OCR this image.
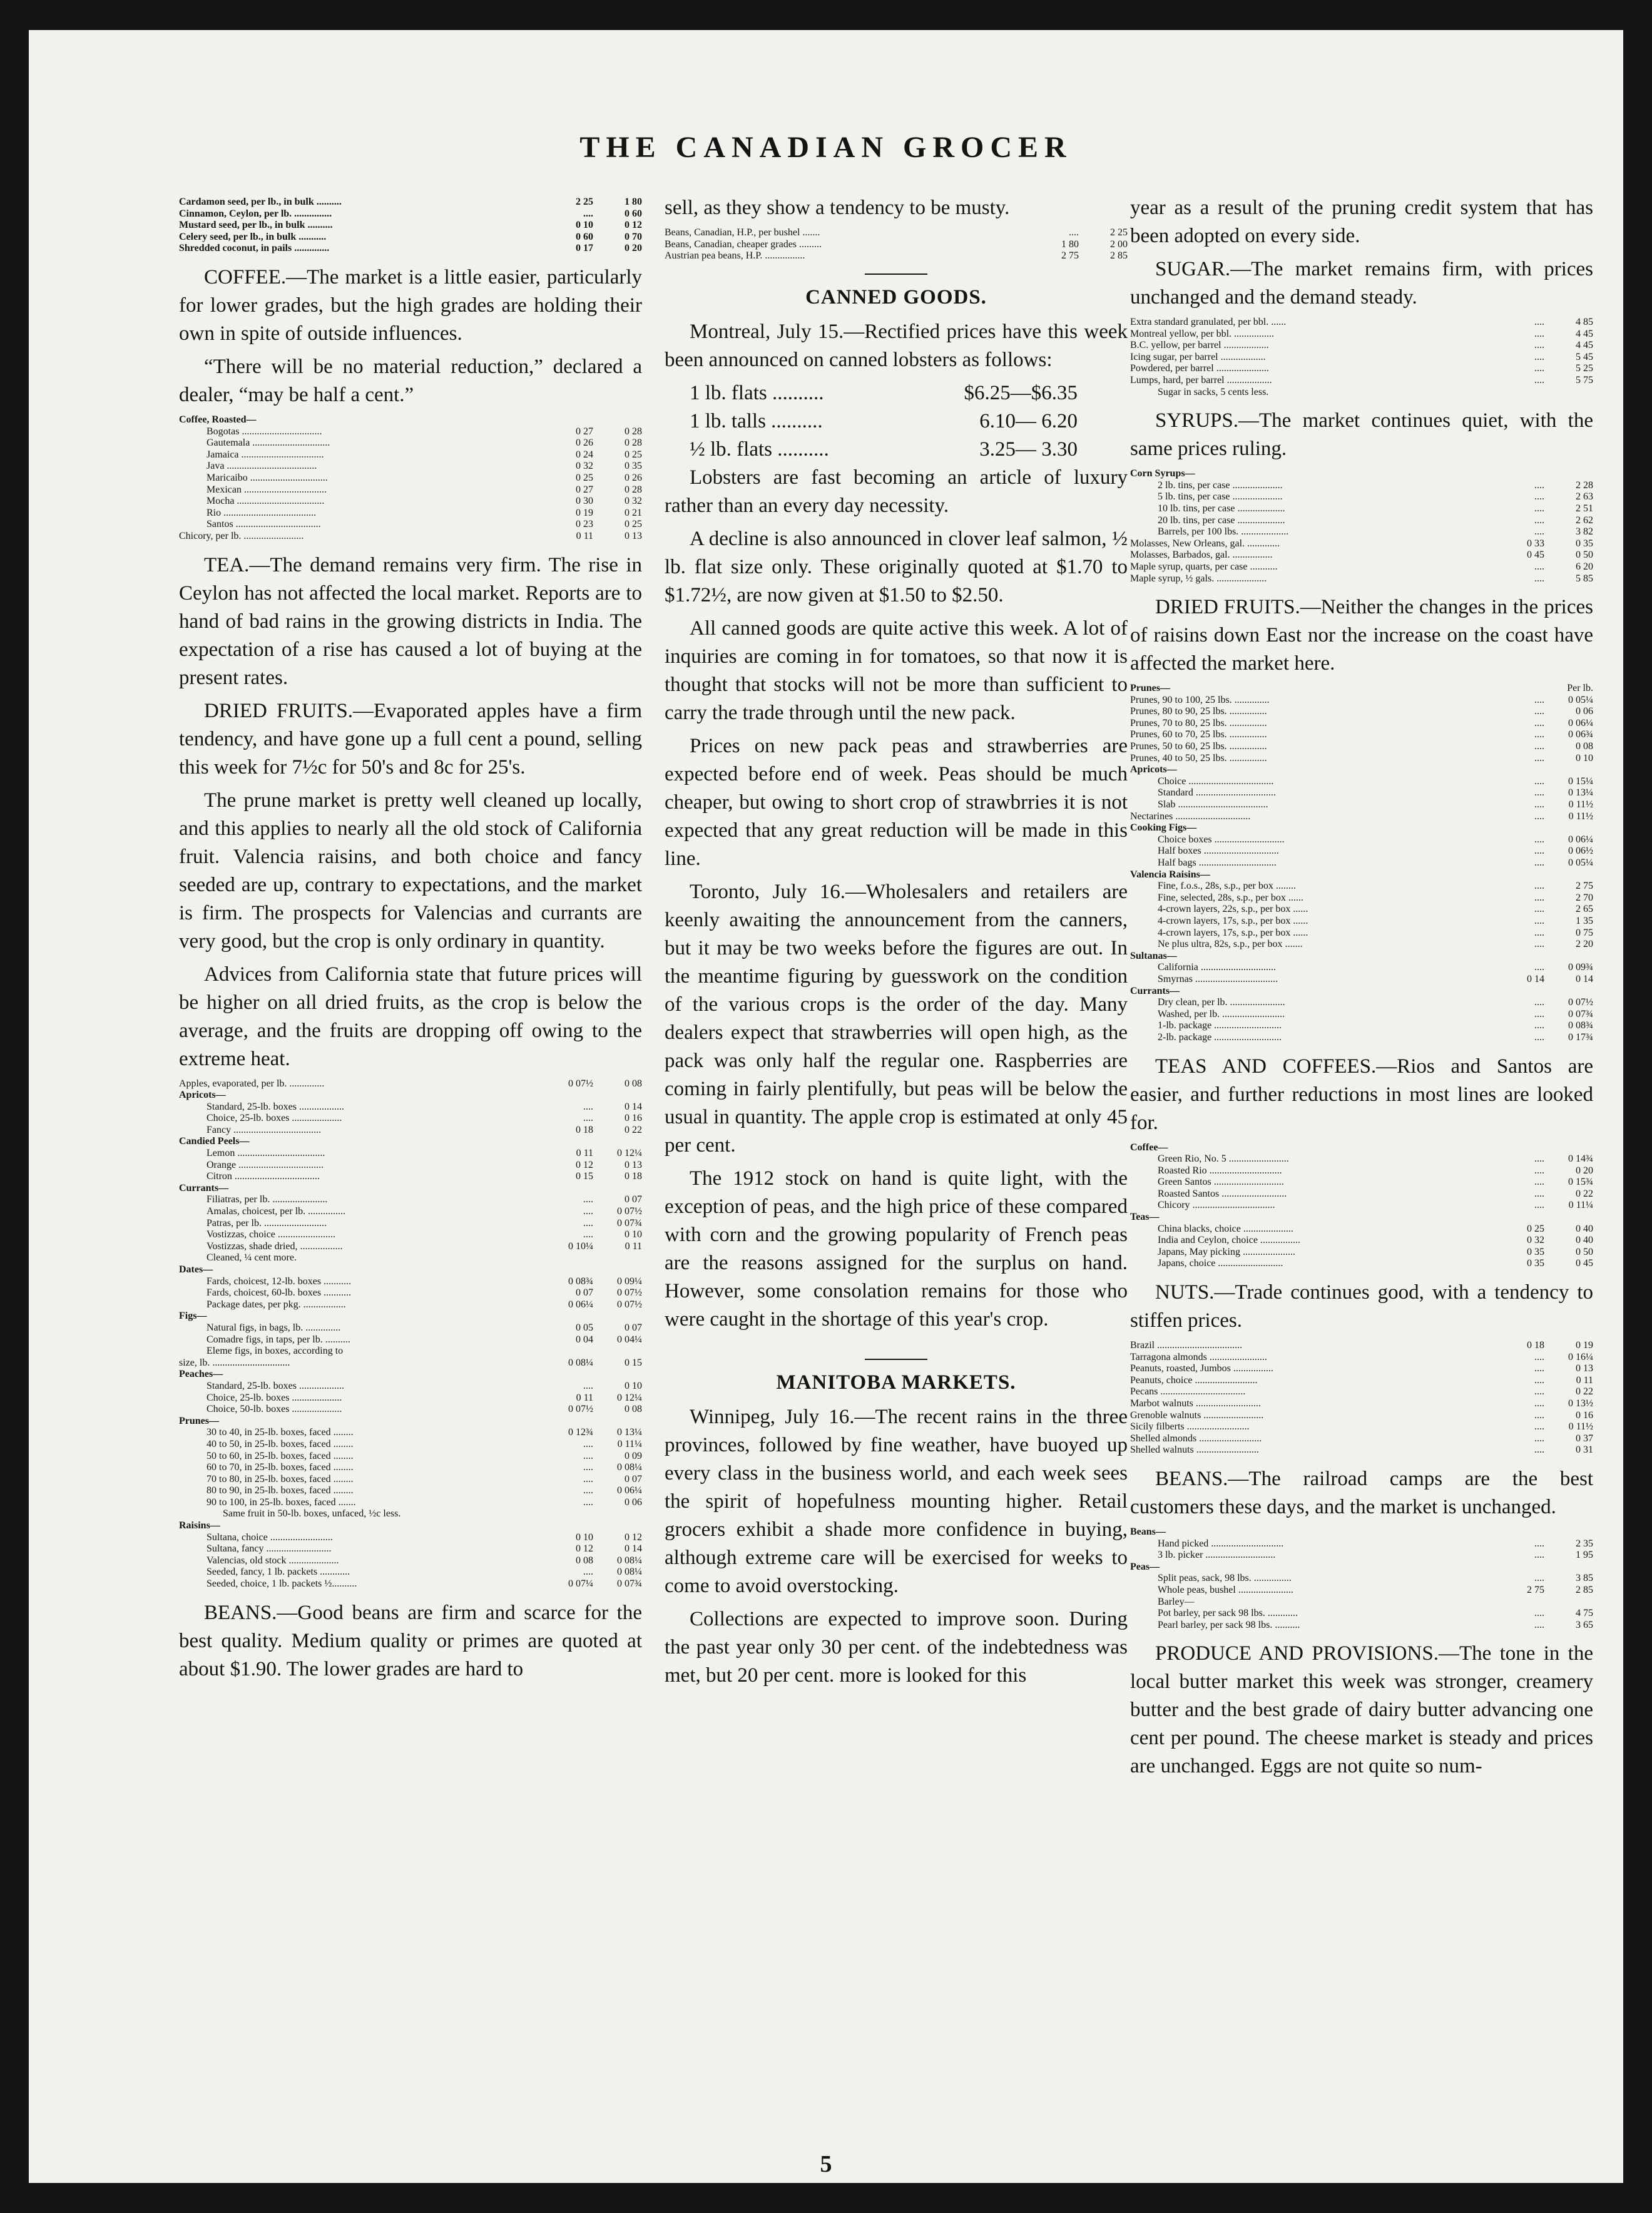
THE CANADIAN GROCER
Cardamon seed, per lb., in bulk ..........	2 25	1 80
Cinnamon, Ceylon, per lb. ...............	....	0 60
Mustard seed, per lb., in bulk ..........	0 10	0 12
Celery seed, per lb., in bulk ...........	0 60	0 70
Shredded coconut, in pails ..............	0 17	0 20

COFFEE.—The market is a little easier, particularly for lower grades, but the high grades are holding their own in spite of outside influences.

“There will be no material reduction,” declared a dealer, “may be half a cent.”

Coffee, Roasted—		
Bogotas ................................	0 27	0 28
Gautemala ...............................	0 26	0 28
Jamaica .................................	0 24	0 25
Java ....................................	0 32	0 35
Maricaibo ...............................	0 25	0 26
Mexican .................................	0 27	0 28
Mocha ...................................	0 30	0 32
Rio .....................................	0 19	0 21
Santos ..................................	0 23	0 25
Chicory, per lb. ........................	0 11	0 13

TEA.—The demand remains very firm. The rise in Ceylon has not affected the local market. Reports are to hand of bad rains in the growing districts in India. The expectation of a rise has caused a lot of buying at the present rates.

DRIED FRUITS.—Evaporated apples have a firm tendency, and have gone up a full cent a pound, selling this week for 7½c for 50's and 8c for 25's.

The prune market is pretty well cleaned up locally, and this applies to nearly all the old stock of California fruit. Valencia raisins, and both choice and fancy seeded are up, contrary to expectations, and the market is firm. The prospects for Valencias and currants are very good, but the crop is only ordinary in quantity.

Advices from California state that future prices will be higher on all dried fruits, as the crop is below the average, and the fruits are dropping off owing to the extreme heat.

Apples, evaporated, per lb. ..............	0 07½	0 08
Apricots—		
Standard, 25-lb. boxes ..................	....	0 14
Choice, 25-lb. boxes ....................	....	0 16
Fancy ...................................	0 18	0 22
Candied Peels—		
Lemon ...................................	0 11	0 12¼
Orange ..................................	0 12	0 13
Citron ..................................	0 15	0 18
Currants—		
Filiatras, per lb. ......................	....	0 07
Amalas, choicest, per lb. ...............	....	0 07½
Patras, per lb. .........................	....	0 07¾
Vostizzas, choice .......................	....	0 10
Vostizzas, shade dried, .................	0 10¼	0 11
Cleaned, ¼ cent more.		
Dates—		
Fards, choicest, 12-lb. boxes ...........	0 08¾	0 09¼
Fards, choicest, 60-lb. boxes ...........	0 07	0 07½
Package dates, per pkg. .................	0 06¼	0 07½
Figs—		
Natural figs, in bags, lb. ..............	0 05	0 07
Comadre figs, in taps, per lb. ..........	0 04	0 04¼
Eleme figs, in boxes, according to		
size, lb. ...............................	0 08¼	0 15
Peaches—		
Standard, 25-lb. boxes ..................	....	0 10
Choice, 25-lb. boxes ....................	0 11	0 12¼
Choice, 50-lb. boxes ....................	0 07½	0 08

Prunes—		
30 to 40, in 25-lb. boxes, faced ........	0 12¾	0 13¼
40 to 50, in 25-lb. boxes, faced ........	....	0 11¼
50 to 60, in 25-lb. boxes, faced ........	....	0 09
60 to 70, in 25-lb. boxes, faced ........	....	0 08¼
70 to 80, in 25-lb. boxes, faced ........	....	0 07
80 to 90, in 25-lb. boxes, faced ........	....	0 06¼
90 to 100, in 25-lb. boxes, faced .......	....	0 06
Same fruit in 50-lb. boxes, unfaced, ½c less.		
Raisins—		
Sultana, choice .........................	0 10	0 12
Sultana, fancy ..........................	0 12	0 14
Valencias, old stock ....................	0 08	0 08¼
Seeded, fancy, 1 lb. packets ............	....	0 08¼
Seeded, choice, 1 lb. packets ½..........	0 07¼	0 07¾

BEANS.—Good beans are firm and scarce for the best quality. Medium quality or primes are quoted at about $1.90. The lower grades are hard to

sell, as they show a tendency to be musty.

Beans, Canadian, H.P., per bushel .......	....	2 25
Beans, Canadian, cheaper grades .........	1 80	2 00
Austrian pea beans, H.P. ................	2 75	2 85
CANNED GOODS.

Montreal, July 15.—Rectified prices have this week been announced on canned lobsters as follows:

1 lb. flats ..........	$6.25—$6.35
1 lb. talls ..........	6.10— 6.20
½ lb. flats ..........	3.25— 3.30

Lobsters are fast becoming an article of luxury rather than an every day necessity.

A decline is also announced in clover leaf salmon, ½ lb. flat size only. These originally quoted at $1.70 to $1.72½, are now given at $1.50 to $2.50.

All canned goods are quite active this week. A lot of inquiries are coming in for tomatoes, so that now it is thought that stocks will not be more than sufficient to carry the trade through until the new pack.

Prices on new pack peas and strawberries are expected before end of week. Peas should be much cheaper, but owing to short crop of strawbrries it is not expected that any great reduction will be made in this line.

Toronto, July 16.—Wholesalers and retailers are keenly awaiting the announcement from the canners, but it may be two weeks before the figures are out. In the meantime figuring by guesswork on the condition of the various crops is the order of the day. Many dealers expect that strawberries will open high, as the pack was only half the regular one. Raspberries are coming in fairly plentifully, but peas will be below the usual in quantity. The apple crop is estimated at only 45 per cent.

The 1912 stock on hand is quite light, with the exception of peas, and the high price of these compared with corn and the growing popularity of French peas are the reasons assigned for the surplus on hand. However, some consolation remains for those who were caught in the shortage of this year's crop.

MANITOBA MARKETS.

Winnipeg, July 16.—The recent rains in the three provinces, followed by fine weather, have buoyed up every class in the business world, and each week sees the spirit of hopefulness mounting higher. Retail grocers exhibit a shade more confidence in buying, although extreme care will be exercised for weeks to come to avoid overstocking.

Collections are expected to improve soon. During the past year only 30 per cent. of the indebtedness was met, but 20 per cent. more is looked for this

year as a result of the pruning credit system that has been adopted on every side.

SUGAR.—The market remains firm, with prices unchanged and the demand steady.

Extra standard granulated, per bbl. ......	....	4 85
Montreal yellow, per bbl. ................	....	4 45
B.C. yellow, per barrel ..................	....	4 45
Icing sugar, per barrel ..................	....	5 45
Powdered, per barrel .....................	....	5 25
Lumps, hard, per barrel ..................	....	5 75
Sugar in sacks, 5 cents less.		

SYRUPS.—The market continues quiet, with the same prices ruling.

Corn Syrups—		
2 lb. tins, per case ....................	....	2 28
5 lb. tins, per case ....................	....	2 63
10 lb. tins, per case ...................	....	2 51
20 lb. tins, per case ...................	....	2 62
Barrels, per 100 lbs. ...................	....	3 82
Molasses, New Orleans, gal. .............	0 33	0 35
Molasses, Barbados, gal. ................	0 45	0 50
Maple syrup, quarts, per case ...........	....	6 20
Maple syrup, ½ gals. ....................	....	5 85

DRIED FRUITS.—Neither the changes in the prices of raisins down East nor the increase on the coast have affected the market here.

Prunes—		Per lb.
Prunes, 90 to 100, 25 lbs. ..............	....	0 05¼
Prunes, 80 to 90, 25 lbs. ...............	....	0 06
Prunes, 70 to 80, 25 lbs. ...............	....	0 06¼
Prunes, 60 to 70, 25 lbs. ...............	....	0 06¾
Prunes, 50 to 60, 25 lbs. ...............	....	0 08
Prunes, 40 to 50, 25 lbs. ...............	....	0 10
Apricots—		
Choice ..................................	....	0 15¼
Standard ................................	....	0 13¼
Slab ....................................	....	0 11½
Nectarines ..............................	....	0 11½
Cooking Figs—		
Choice boxes ............................	....	0 06¼
Half boxes ..............................	....	0 06½
Half bags ...............................	....	0 05¼
Valencia Raisins—		
Fine, f.o.s., 28s, s.p., per box ........	....	2 75
Fine, selected, 28s, s.p., per box ......	....	2 70
4-crown layers, 22s, s.p., per box ......	....	2 65
4-crown layers, 17s, s.p., per box ......	....	1 35
4-crown layers, 17s, s.p., per box ......	....	0 75
Ne plus ultra, 82s, s.p., per box .......	....	2 20
Sultanas—		
California ..............................	....	0 09¾
Smyrnas .................................	0 14	0 14
Currants—		
Dry clean, per lb. ......................	....	0 07½
Washed, per lb. .........................	....	0 07¾
1-lb. package ...........................	....	0 08¾
2-lb. package ...........................	....	0 17¾

TEAS AND COFFEES.—Rios and Santos are easier, and further reductions in most lines are looked for.

Coffee—		
Green Rio, No. 5 ........................	....	0 14¾
Roasted Rio .............................	....	0 20
Green Santos ............................	....	0 15¾
Roasted Santos ..........................	....	0 22
Chicory .................................	....	0 11¼
Teas—		
China blacks, choice ....................	0 25	0 40
India and Ceylon, choice ................	0 32	0 40
Japans, May picking .....................	0 35	0 50
Japans, choice ..........................	0 35	0 45

NUTS.—Trade continues good, with a tendency to stiffen prices.

Brazil ..................................	0 18	0 19
Tarragona almonds .......................	....	0 16¼
Peanuts, roasted, Jumbos ................	....	0 13
Peanuts, choice .........................	....	0 11
Pecans ..................................	....	0 22
Marbot walnuts ..........................	....	0 13½
Grenoble walnuts ........................	....	0 16
Sicily filberts .........................	....	0 11½
Shelled almonds .........................	....	0 37
Shelled walnuts .........................	....	0 31

BEANS.—The railroad camps are the best customers these days, and the market is unchanged.

Beans—		
Hand picked .............................	....	2 35
3 lb. picker ............................	....	1 95
Peas—		
Split peas, sack, 98 lbs. ...............	....	3 85
Whole peas, bushel ......................	2 75	2 85
Barley—		
Pot barley, per sack 98 lbs. ............	....	4 75
Pearl barley, per sack 98 lbs. ..........	....	3 65

PRODUCE AND PROVISIONS.—The tone in the local butter market this week was stronger, creamery butter and the best grade of dairy butter advancing one cent per pound. The cheese market is steady and prices are unchanged. Eggs are not quite so num-

5
